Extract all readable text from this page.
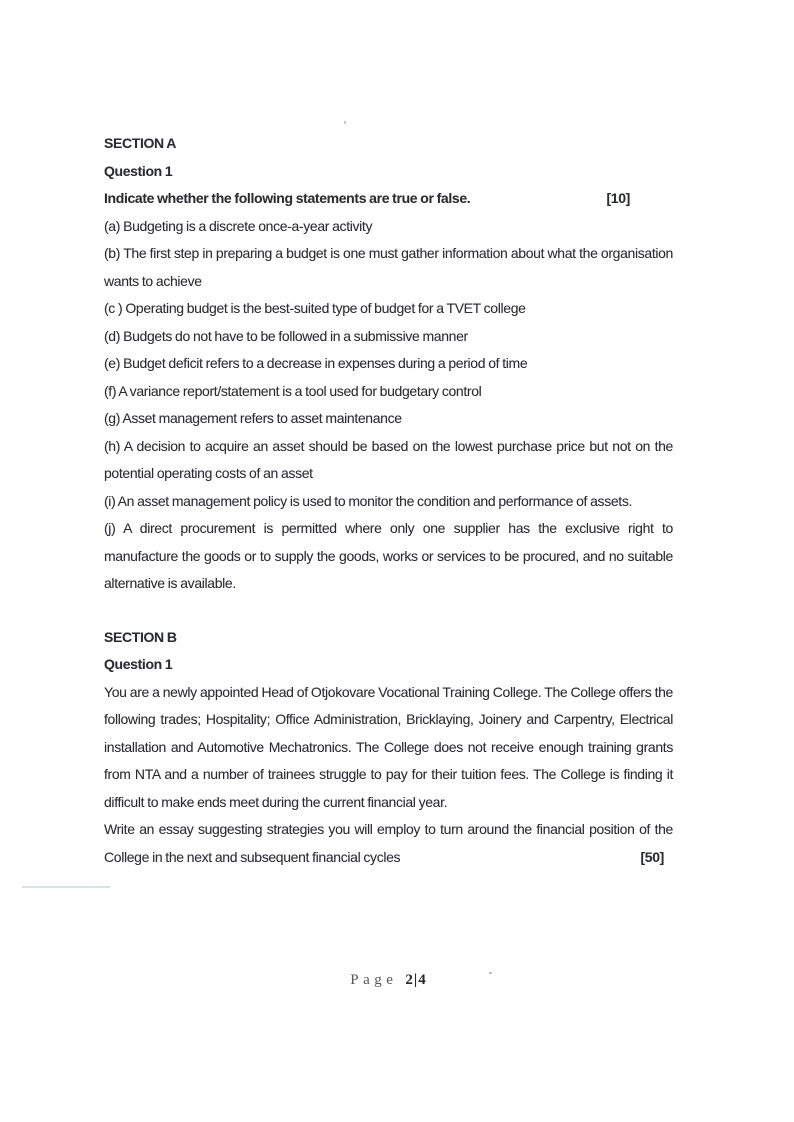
SECTION A
Question 1
Indicate whether the following statements are true or false.	[10]
(a) Budgeting is a discrete once-a-year activity
(b) The first step in preparing a budget is one must gather information about what the organisation wants to achieve
(c ) Operating budget is the best-suited type of budget for a TVET college
(d) Budgets do not have to be followed in a submissive manner
(e) Budget deficit refers to a decrease in expenses during a period of time
(f) A variance report/statement is a tool used for budgetary control
(g) Asset management refers to asset maintenance
(h) A decision to acquire an asset should be based on the lowest purchase price but not on the potential operating costs of an asset
(i) An asset management policy is used to monitor the condition and performance of assets.
(j) A direct procurement is permitted where only one supplier has the exclusive right to manufacture the goods or to supply the goods, works or services to be procured, and no suitable alternative is available.
SECTION B
Question 1
You are a newly appointed Head of Otjokovare Vocational Training College. The College offers the following trades; Hospitality; Office Administration, Bricklaying, Joinery and Carpentry, Electrical installation and Automotive Mechatronics. The College does not receive enough training grants from NTA and a number of trainees struggle to pay for their tuition fees. The College is finding it difficult to make ends meet during the current financial year.
Write an essay suggesting strategies you will employ to turn around the financial position of the College in the next and subsequent financial cycles	[50]
Page 2|4
